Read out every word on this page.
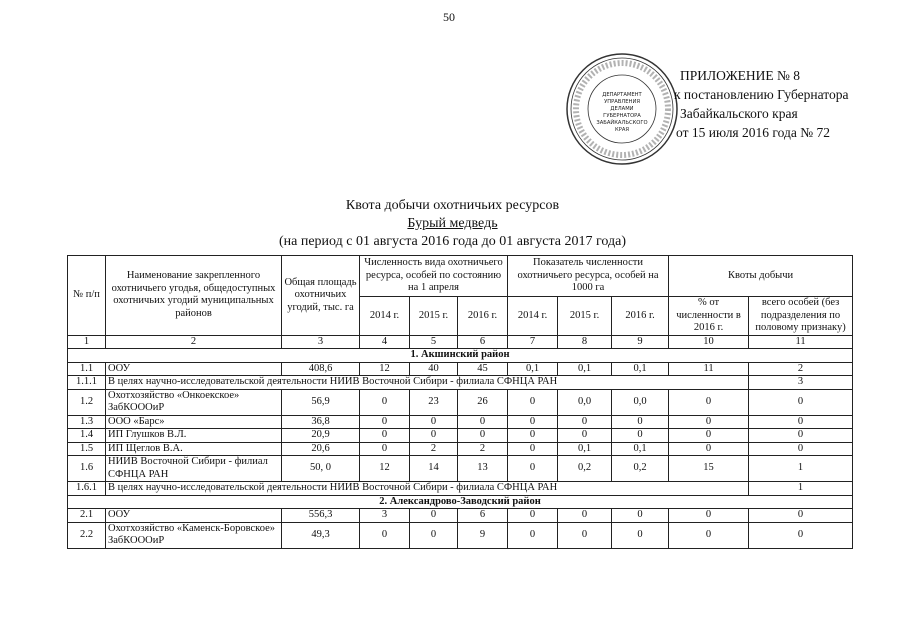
50
ДЕПАРТАМЕНТ
УПРАВЛЕНИЯ
ДЕЛАМИ
ГУБЕРНАТОРА
ЗАБАЙКАЛЬСКОГО
КРАЯ
ПРИЛОЖЕНИЕ № 8
к постановлению Губернатора
Забайкальского края
от 15 июля 2016 года № 72
Квота добычи охотничьих ресурсов
Бурый медведь
(на период с 01 августа 2016 года до 01 августа 2017 года)
№ п/п	Наименование закрепленного охотничьего угодья, общедоступных охотничьих угодий муниципальных районов	Общая площадь охотничьих угодий, тыс. га	Численность вида охотничьего ресурса, особей по состоянию на 1 апреля			Показатель численности охотничьего ресурса, особей на 1000 га			Квоты добычи	
			2014 г.	2015 г.	2016 г.	2014 г.	2015 г.	2016 г.	% от численности в 2016 г.	всего особей (без подразделения по половому признаку)
1	2	3	4	5	6	7	8	9	10	11
1. Акшинский район										
1.1	ООУ	408,6	12	40	45	0,1	0,1	0,1	11	2
1.1.1	В целях научно-исследовательской деятельности НИИВ Восточной Сибири - филиала СФНЦА РАН									3
1.2	Охотхозяйство «Онкоекское» ЗабКОООиР	56,9	0	23	26	0	0,0	0,0	0	0
1.3	ООО «Барс»	36,8	0	0	0	0	0	0	0	0
1.4	ИП Глушков В.Л.	20,9	0	0	0	0	0	0	0	0
1.5	ИП Щеглов В.А.	20,6	0	2	2	0	0,1	0,1	0	0
1.6	НИИВ Восточной Сибири - филиал СФНЦА РАН	50, 0	12	14	13	0	0,2	0,2	15	1
1.6.1	В целях научно-исследовательской деятельности НИИВ Восточной Сибири - филиала СФНЦА РАН									1
2. Александрово-Заводский район										
2.1	ООУ	556,3	3	0	6	0	0	0	0	0
2.2	Охотхозяйство «Каменск-Боровское» ЗабКОООиР	49,3	0	0	9	0	0	0	0	0
